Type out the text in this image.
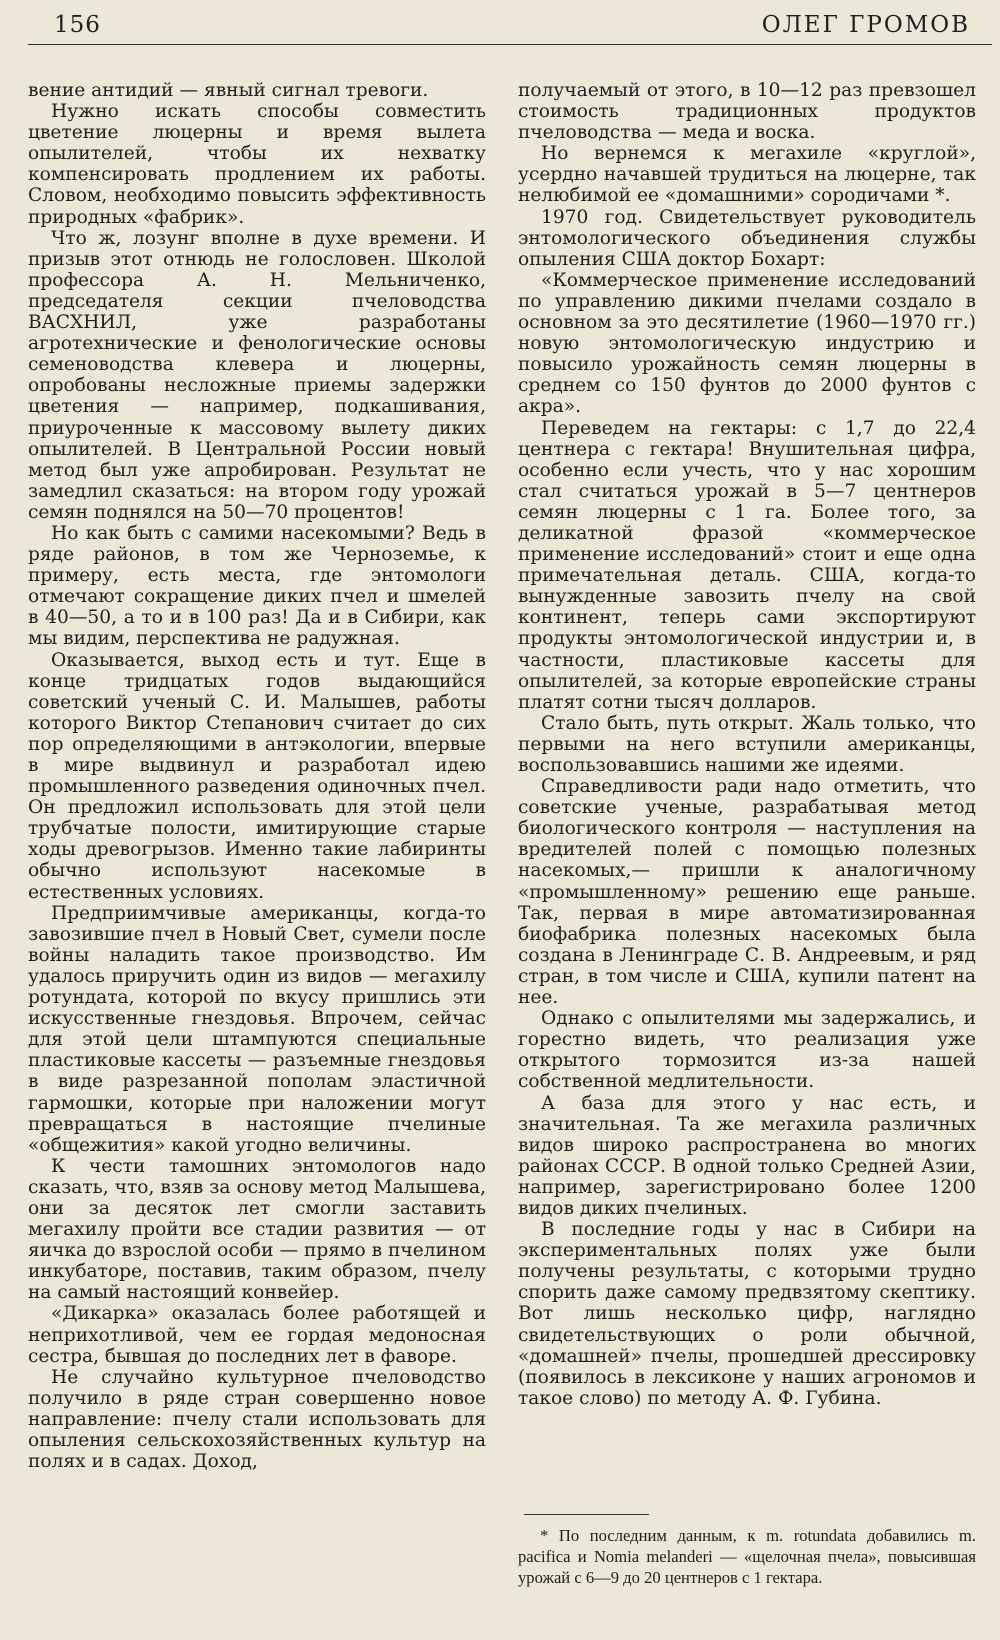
156	ОЛЕГ ГРОМОВ

вение антидий — явный сигнал тревоги.

Нужно искать способы совместить цветение люцерны и время вылета опылителей, чтобы их нехватку компенсировать продлением их работы. Словом, необходимо повысить эффективность природных «фабрик».

Что ж, лозунг вполне в духе времени. И призыв этот отнюдь не голословен. Школой профессора А. Н. Мельниченко, председателя секции пчеловодства ВАСХНИЛ, уже разработаны агротехнические и фенологические основы семеноводства клевера и люцерны, опробованы несложные приемы задержки цветения — например, подкашивания, приуроченные к массовому вылету диких опылителей. В Центральной России новый метод был уже апробирован. Результат не замедлил сказаться: на втором году урожай семян поднялся на 50—70 процентов!

Но как быть с самими насекомыми? Ведь в ряде районов, в том же Черноземье, к примеру, есть места, где энтомологи отмечают сокращение диких пчел и шмелей в 40—50, а то и в 100 раз! Да и в Сибири, как мы видим, перспектива не радужная.

Оказывается, выход есть и тут. Еще в конце тридцатых годов выдающийся советский ученый С. И. Малышев, работы которого Виктор Степанович считает до сих пор определяющими в антэкологии, впервые в мире выдвинул и разработал идею промышленного разведения одиночных пчел. Он предложил использовать для этой цели трубчатые полости, имитирующие старые ходы древогрызов. Именно такие лабиринты обычно используют насекомые в естественных условиях.

Предприимчивые американцы, когда-то завозившие пчел в Новый Свет, сумели после войны наладить такое производство. Им удалось приручить один из видов — мегахилу ротундата, которой по вкусу пришлись эти искусственные гнездовья. Впрочем, сейчас для этой цели штампуются специальные пластиковые кассеты — разъемные гнездовья в виде разрезанной пополам эластичной гармошки, которые при наложении могут превращаться в настоящие пчелиные «общежития» какой угодно величины.

К чести тамошних энтомологов надо сказать, что, взяв за основу метод Малышева, они за десяток лет смогли заставить мегахилу пройти все стадии развития — от яичка до взрослой особи — прямо в пчелином инкубаторе, поставив, таким образом, пчелу на самый настоящий конвейер.

«Дикарка» оказалась более работящей и неприхотливой, чем ее гордая медоносная сестра, бывшая до последних лет в фаворе.

Не случайно культурное пчеловодство получило в ряде стран совершенно новое направление: пчелу стали использовать для опыления сельскохозяйственных культур на полях и в садах. Доход,

получаемый от этого, в 10—12 раз превзошел стоимость традиционных продуктов пчеловодства — меда и воска.

Но вернемся к мегахиле «круглой», усердно начавшей трудиться на люцерне, так нелюбимой ее «домашними» сородичами *.

1970 год. Свидетельствует руководитель энтомологического объединения службы опыления США доктор Бохарт:

«Коммерческое применение исследований по управлению дикими пчелами создало в основном за это десятилетие (1960—1970 гг.) новую энтомологическую индустрию и повысило урожайность семян люцерны в среднем со 150 фунтов до 2000 фунтов с акра».

Переведем на гектары: с 1,7 до 22,4 центнера с гектара! Внушительная цифра, особенно если учесть, что у нас хорошим стал считаться урожай в 5—7 центнеров семян люцерны с 1 га. Более того, за деликатной фразой «коммерческое применение исследований» стоит и еще одна примечательная деталь. США, когда-то вынужденные завозить пчелу на свой континент, теперь сами экспортируют продукты энтомологической индустрии и, в частности, пластиковые кассеты для опылителей, за которые европейские страны платят сотни тысяч долларов.

Стало быть, путь открыт. Жаль только, что первыми на него вступили американцы, воспользовавшись нашими же идеями.

Справедливости ради надо отметить, что советские ученые, разрабатывая метод биологического контроля — наступления на вредителей полей с помощью полезных насекомых,— пришли к аналогичному «промышленному» решению еще раньше. Так, первая в мире автоматизированная биофабрика полезных насекомых была создана в Ленинграде С. В. Андреевым, и ряд стран, в том числе и США, купили патент на нее.

Однако с опылителями мы задержались, и горестно видеть, что реализация уже открытого тормозится из-за нашей собственной медлительности.

А база для этого у нас есть, и значительная. Та же мегахила различных видов широко распространена во многих районах СССР. В одной только Средней Азии, например, зарегистрировано более 1200 видов диких пчелиных.

В последние годы у нас в Сибири на экспериментальных полях уже были получены результаты, с которыми трудно спорить даже самому предвзятому скептику. Вот лишь несколько цифр, наглядно свидетельствующих о роли обычной, «домашней» пчелы, прошедшей дрессировку (появилось в лексиконе у наших агрономов и такое слово) по методу А. Ф. Губина.

* По последним данным, к m. rotundata добавились m. pacifica и Nomia melanderi — «щелочная пчела», повысившая урожай с 6—9 до 20 центнеров с 1 гектара.
